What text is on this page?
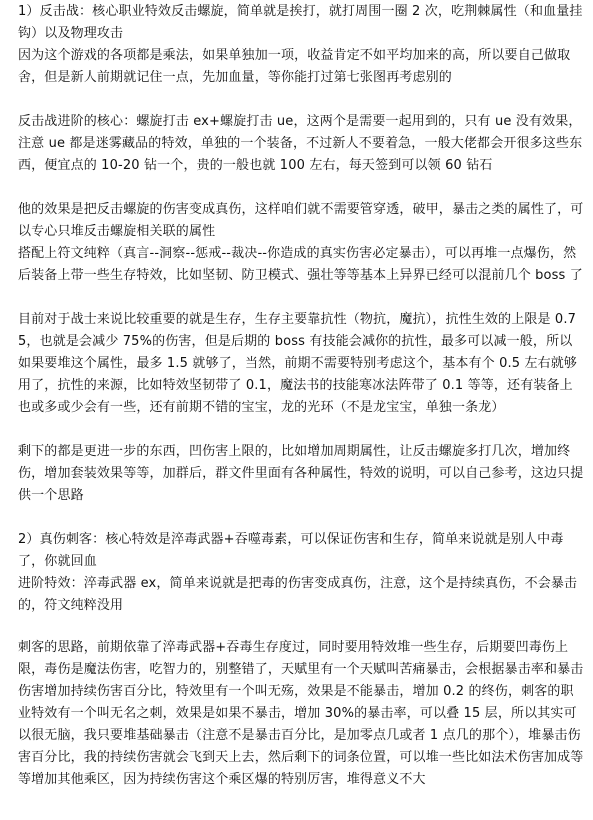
1）反击战：核心职业特效反击螺旋，简单就是挨打，就打周围一圈 2 次，吃荆棘属性（和血量挂钩）以及物理攻击

因为这个游戏的各项都是乘法，如果单独加一项，收益肯定不如平均加来的高，所以要自己做取舍，但是新人前期就记住一点，先加血量，等你能打过第七张图再考虑别的

反击战进阶的核心：螺旋打击 ex+螺旋打击 ue，这两个是需要一起用到的，只有 ue 没有效果，注意 ue 都是迷雾藏品的特效，单独的一个装备，不过新人不要着急，一般大佬都会开很多这些东西，便宜点的 10-20 钻一个，贵的一般也就 100 左右，每天签到可以领 60 钻石

他的效果是把反击螺旋的伤害变成真伤，这样咱们就不需要管穿透，破甲，暴击之类的属性了，可以专心只堆反击螺旋相关联的属性

搭配上符文纯粹（真言--洞察--惩戒--裁决--你造成的真实伤害必定暴击），可以再堆一点爆伤，然后装备上带一些生存特效，比如坚韧、防卫模式、强壮等等基本上异界已经可以混前几个 boss 了

目前对于战士来说比较重要的就是生存，生存主要靠抗性（物抗，魔抗），抗性生效的上限是 0.75，也就是会减少 75%的伤害，但是后期的 boss 有技能会减你的抗性，最多可以减一般，所以如果要堆这个属性，最多 1.5 就够了，当然，前期不需要特别考虑这个，基本有个 0.5 左右就够用了，抗性的来源，比如特效坚韧带了 0.1，魔法书的技能寒冰法阵带了 0.1 等等，还有装备上也或多或少会有一些，还有前期不错的宝宝，龙的光环（不是龙宝宝，单独一条龙）

剩下的都是更进一步的东西，凹伤害上限的，比如增加周期属性，让反击螺旋多打几次，增加终伤，增加套装效果等等，加群后，群文件里面有各种属性，特效的说明，可以自己参考，这边只提供一个思路

2）真伤刺客：核心特效是淬毒武器+吞噬毒素，可以保证伤害和生存，简单来说就是别人中毒了，你就回血

进阶特效：淬毒武器 ex，简单来说就是把毒的伤害变成真伤，注意，这个是持续真伤，不会暴击的，符文纯粹没用

刺客的思路，前期依靠了淬毒武器+吞毒生存度过，同时要用特效堆一些生存，后期要凹毒伤上限，毒伤是魔法伤害，吃智力的，别整错了，天赋里有一个天赋叫苦痛暴击，会根据暴击率和暴击伤害增加持续伤害百分比，特效里有一个叫无殇，效果是不能暴击，增加 0.2 的终伤，刺客的职业特效有一个叫无名之刺，效果是如果不暴击，增加 30%的暴击率，可以叠 15 层，所以其实可以很无脑，我只要堆基础暴击（注意不是暴击百分比，是加零点几或者 1 点几的那个），堆暴击伤害百分比，我的持续伤害就会飞到天上去，然后剩下的词条位置，可以堆一些比如法术伤害加成等等增加其他乘区，因为持续伤害这个乘区爆的特别厉害，堆得意义不大
